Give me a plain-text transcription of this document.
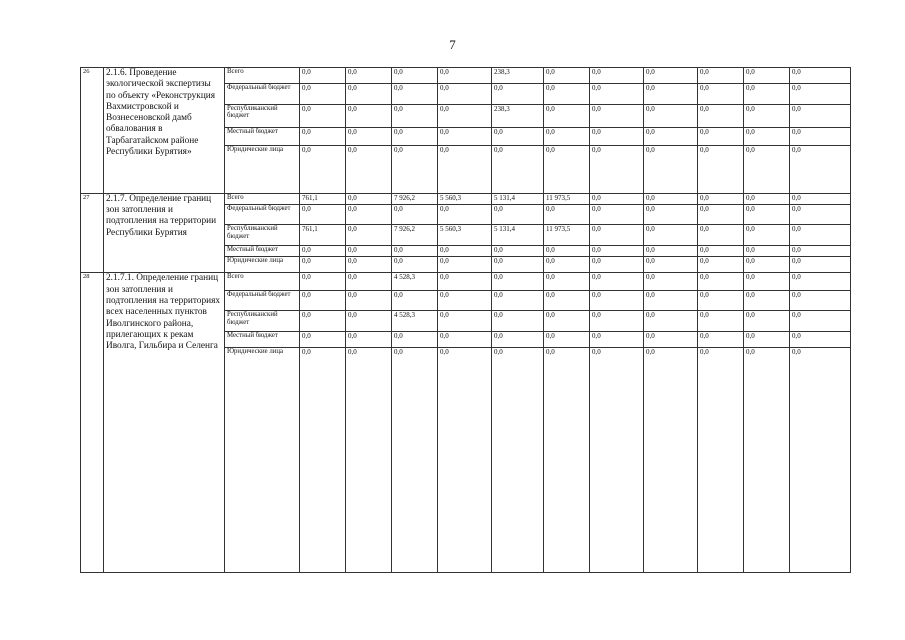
7
26	2.1.6. Проведение экологической экспертизы по объекту «Реконструкция Вахмистровской и Вознесеновской дамб обвалования в Тарбагатайском районе Республики Бурятия»	Всего	0,0	0,0	0,0	0,0	238,3	0,0	0,0	0,0	0,0	0,0	0,0
		Федеральный бюджет	0,0	0,0	0,0	0,0	0,0	0,0	0,0	0,0	0,0	0,0	0,0
		Республиканский бюджет	0,0	0,0	0,0	0,0	238,3	0,0	0,0	0,0	0,0	0,0	0,0
		Местный бюджет	0,0	0,0	0,0	0,0	0,0	0,0	0,0	0,0	0,0	0,0	0,0
		Юридические лица	0,0	0,0	0,0	0,0	0,0	0,0	0,0	0,0	0,0	0,0	0,0
27	2.1.7. Определение границ зон затопления и подтопления на территории Республики Бурятия	Всего	761,1	0,0	7 926,2	5 560,3	5 131,4	11 973,5	0,0	0,0	0,0	0,0	0,0
		Федеральный бюджет	0,0	0,0	0,0	0,0	0,0	0,0	0,0	0,0	0,0	0,0	0,0
		Республиканский бюджет	761,1	0,0	7 926,2	5 560,3	5 131,4	11 973,5	0,0	0,0	0,0	0,0	0,0
		Местный бюджет	0,0	0,0	0,0	0,0	0,0	0,0	0,0	0,0	0,0	0,0	0,0
		Юридические лица	0,0	0,0	0,0	0,0	0,0	0,0	0,0	0,0	0,0	0,0	0,0
28	2.1.7.1. Определение границ зон затопления и подтопления на территориях всех населенных пунктов Иволгинского района, прилегающих к рекам Иволга, Гильбира и Селенга	Всего	0,0	0,0	4 528,3	0,0	0,0	0,0	0,0	0,0	0,0	0,0	0,0
		Федеральный бюджет	0,0	0,0	0,0	0,0	0,0	0,0	0,0	0,0	0,0	0,0	0,0
		Республиканский бюджет	0,0	0,0	4 528,3	0,0	0,0	0,0	0,0	0,0	0,0	0,0	0,0
		Местный бюджет	0,0	0,0	0,0	0,0	0,0	0,0	0,0	0,0	0,0	0,0	0,0
		Юридические лица	0,0	0,0	0,0	0,0	0,0	0,0	0,0	0,0	0,0	0,0	0,0
